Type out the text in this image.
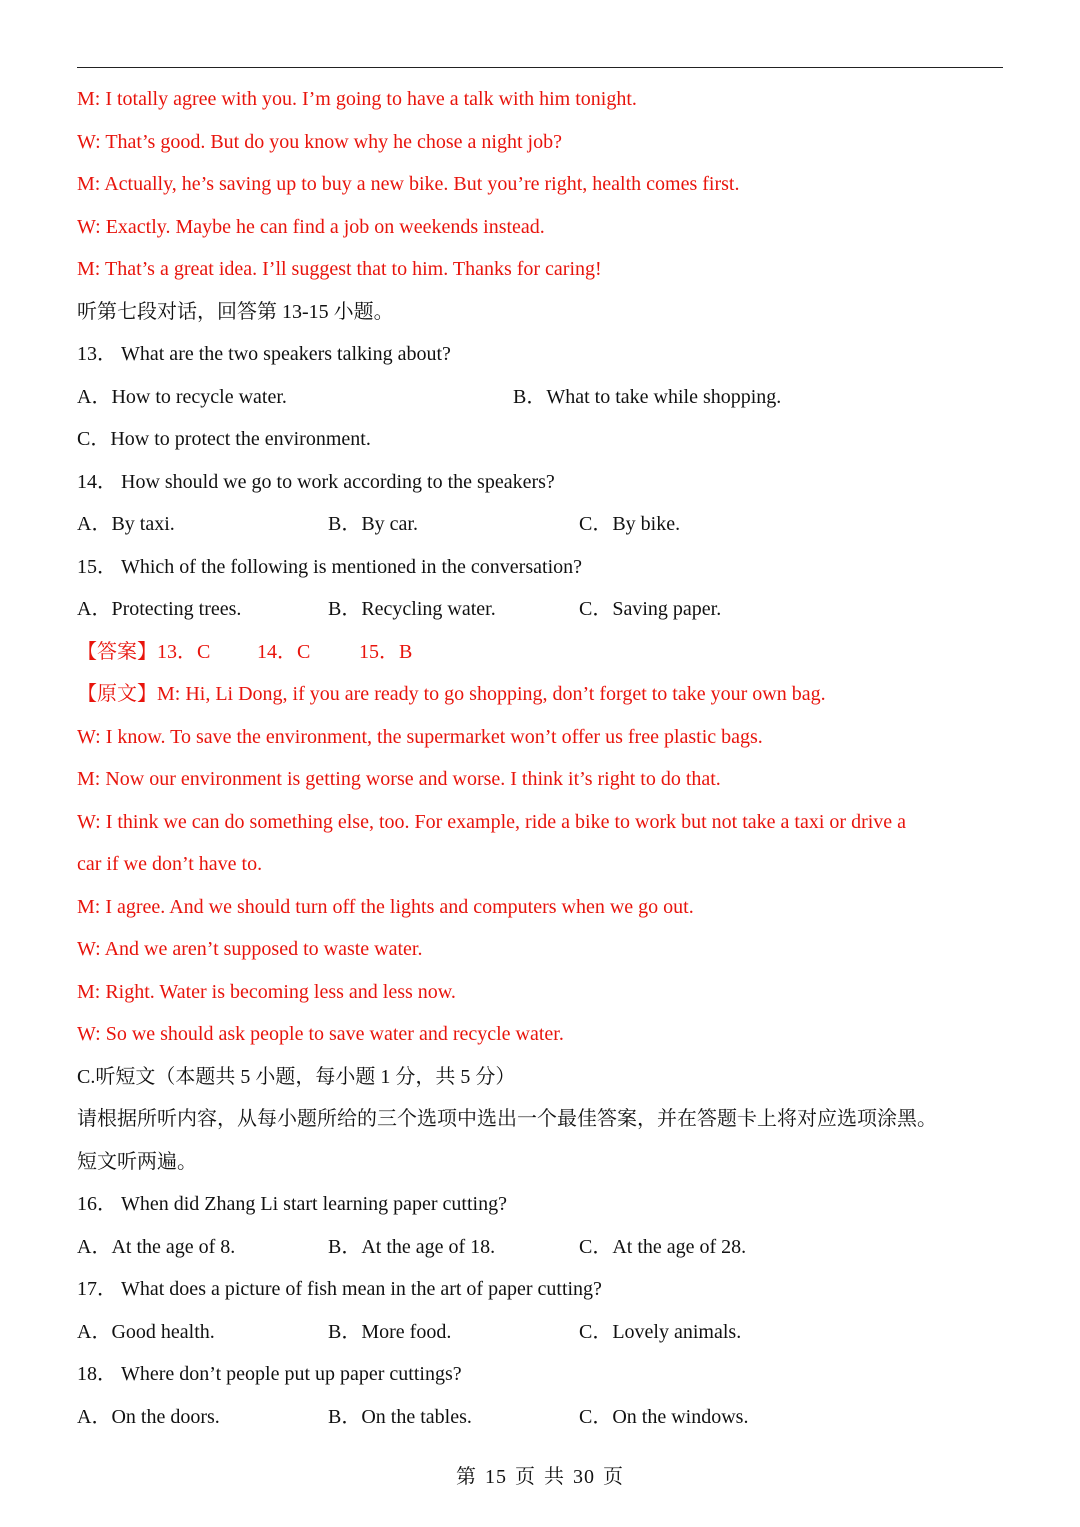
M: I totally agree with you. I’m going to have a talk with him tonight.
W: That’s good. But do you know why he chose a night job?
M: Actually, he’s saving up to buy a new bike. But you’re right, health comes first.
W: Exactly. Maybe he can find a job on weekends instead.
M: That’s a great idea. I’ll suggest that to him. Thanks for caring!
听第七段对话，回答第 13-15 小题。
13． What are the two speakers talking about?
A．How to recycle water.	B．What to take while shopping.
C．How to protect the environment.
14． How should we go to work according to the speakers?
A．By taxi.	B．By car.	C．By bike.
15． Which of the following is mentioned in the conversation?
A．Protecting trees.	B．Recycling water.	C．Saving paper.
【答案】13．C 14．C 15．B
【原文】M: Hi, Li Dong, if you are ready to go shopping, don’t forget to take your own bag.
W: I know. To save the environment, the supermarket won’t offer us free plastic bags.
M: Now our environment is getting worse and worse. I think it’s right to do that.
W: I think we can do something else, too. For example, ride a bike to work but not take a taxi or drive a
car if we don’t have to.
M: I agree. And we should turn off the lights and computers when we go out.
W: And we aren’t supposed to waste water.
M: Right. Water is becoming less and less now.
W: So we should ask people to save water and recycle water.
C.听短文（本题共 5 小题，每小题 1 分，共 5 分）
请根据所听内容，从每小题所给的三个选项中选出一个最佳答案，并在答题卡上将对应选项涂黑。
短文听两遍。
16． When did Zhang Li start learning paper cutting?
A．At the age of 8.	B．At the age of 18.	C．At the age of 28.
17． What does a picture of fish mean in the art of paper cutting?
A．Good health.	B．More food.	C．Lovely animals.
18． Where don’t people put up paper cuttings?
A．On the doors.	B．On the tables.	C．On the windows.
第 15 页 共 30 页
